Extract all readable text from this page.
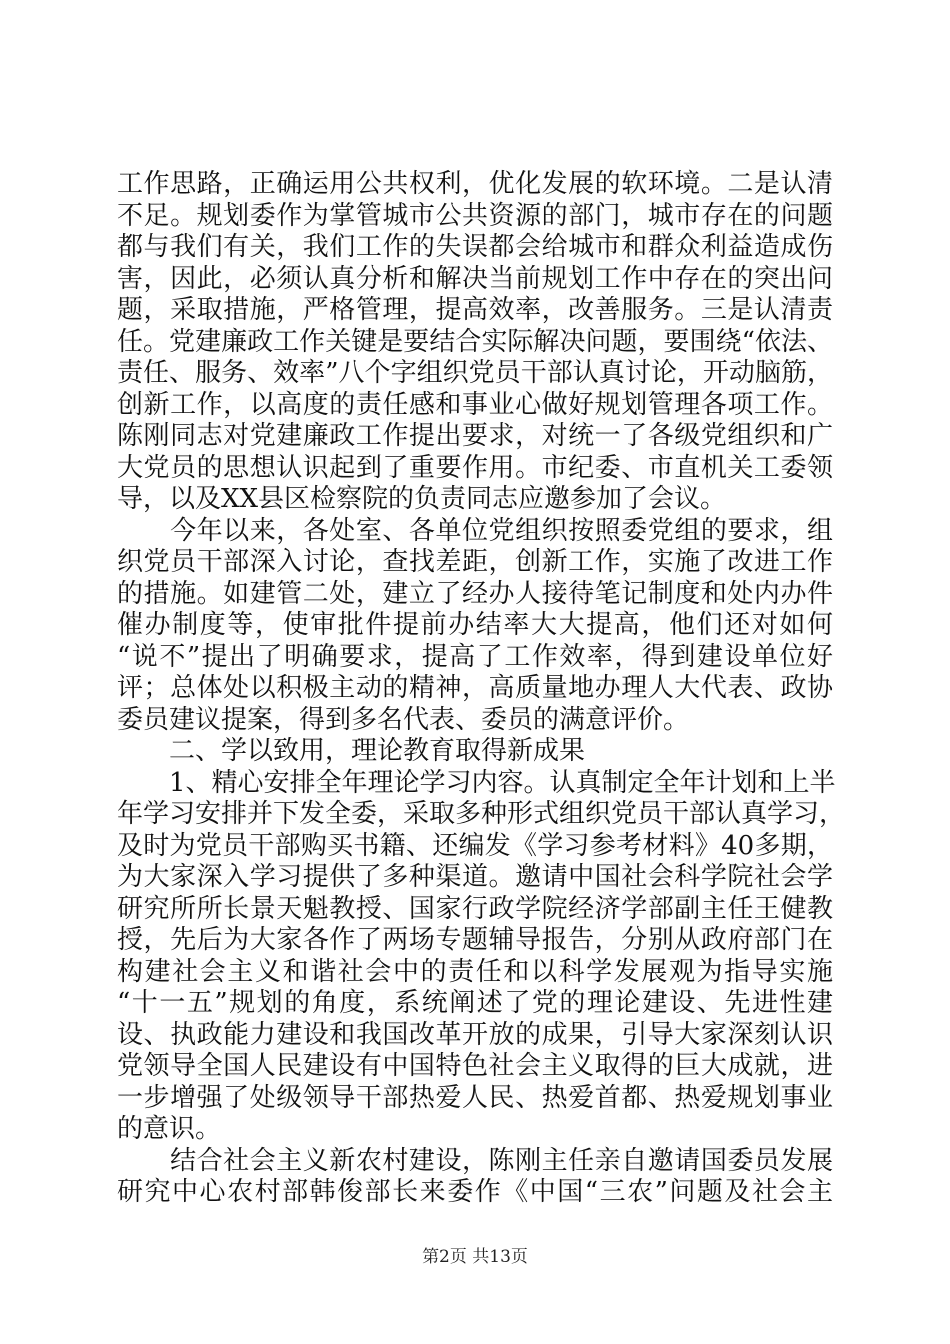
工作思路，正确运用公共权利，优化发展的软环境。二是认清
不足。规划委作为掌管城市公共资源的部门，城市存在的问题
都与我们有关，我们工作的失误都会给城市和群众利益造成伤
害，因此，必须认真分析和解决当前规划工作中存在的突出问
题，采取措施，严格管理，提高效率，改善服务。三是认清责
任。党建廉政工作关键是要结合实际解决问题，要围绕“依法、
责任、服务、效率”八个字组织党员干部认真讨论，开动脑筋，
创新工作，以高度的责任感和事业心做好规划管理各项工作。
陈刚同志对党建廉政工作提出要求，对统一了各级党组织和广
大党员的思想认识起到了重要作用。市纪委、市直机关工委领
导，以及XX县区检察院的负责同志应邀参加了会议。
　　今年以来，各处室、各单位党组织按照委党组的要求，组
织党员干部深入讨论，查找差距，创新工作，实施了改进工作
的措施。如建管二处，建立了经办人接待笔记制度和处内办件
催办制度等，使审批件提前办结率大大提高，他们还对如何
“说不”提出了明确要求，提高了工作效率，得到建设单位好
评；总体处以积极主动的精神，高质量地办理人大代表、政协
委员建议提案，得到多名代表、委员的满意评价。
　　二、学以致用，理论教育取得新成果
　　1、精心安排全年理论学习内容。认真制定全年计划和上半
年学习安排并下发全委，采取多种形式组织党员干部认真学习，
及时为党员干部购买书籍、还编发《学习参考材料》40多期，
为大家深入学习提供了多种渠道。邀请中国社会科学院社会学
研究所所长景天魁教授、国家行政学院经济学部副主任王健教
授，先后为大家各作了两场专题辅导报告，分别从政府部门在
构建社会主义和谐社会中的责任和以科学发展观为指导实施
“十一五”规划的角度，系统阐述了党的理论建设、先进性建
设、执政能力建设和我国改革开放的成果，引导大家深刻认识
党领导全国人民建设有中国特色社会主义取得的巨大成就，进
一步增强了处级领导干部热爱人民、热爱首都、热爱规划事业
的意识。
　　结合社会主义新农村建设，陈刚主任亲自邀请国委员发展
研究中心农村部韩俊部长来委作《中国“三农”问题及社会主
第2页 共13页
